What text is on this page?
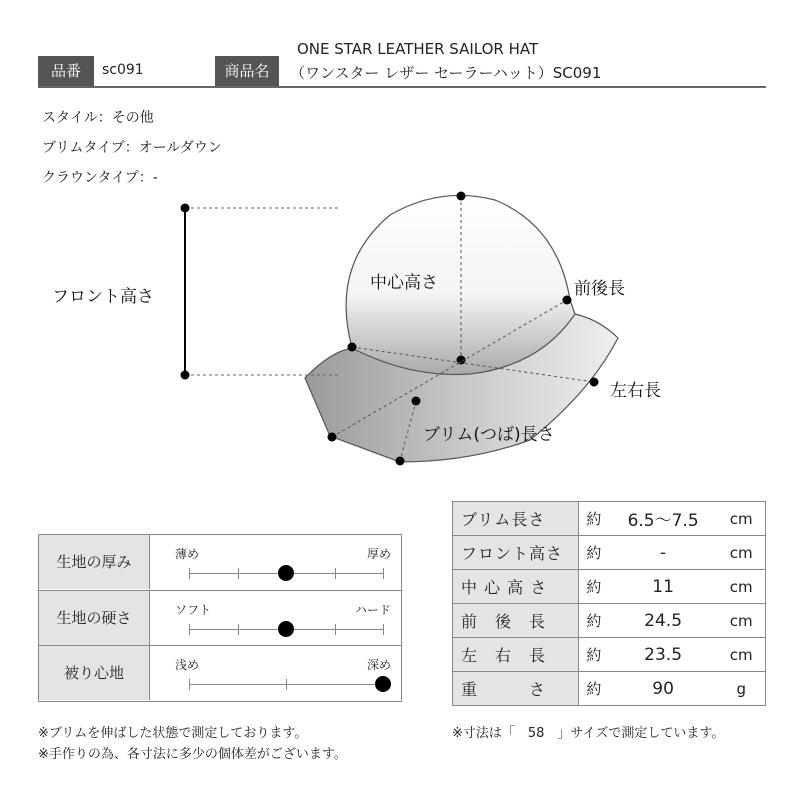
品番	sc091	商品名
ONE STAR LEATHER SAILOR HAT
（ワンスター レザー セーラーハット）SC091
スタイル：その他
ブリムタイプ：オールダウン
クラウンタイプ：-
フロント高さ
中心高さ	前後長
左右長
ブリム(つば)長さ
生地の厚み	薄め	厚め
生地の硬さ	ソフト	ハード
被り心地	浅め	深め
ブリム長さ	約	6.5～7.5	cm
フロント高さ	約	-	cm
中 心 高 さ	約	11	cm
前　後　長	約	24.5	cm
左　右　長	約	23.5	cm
重　　　さ	約	90	g
※ブリムを伸ばした状態で測定しております。
※手作りの為、各寸法に多少の個体差がございます。
※寸法は「　58　」サイズで測定しています。
